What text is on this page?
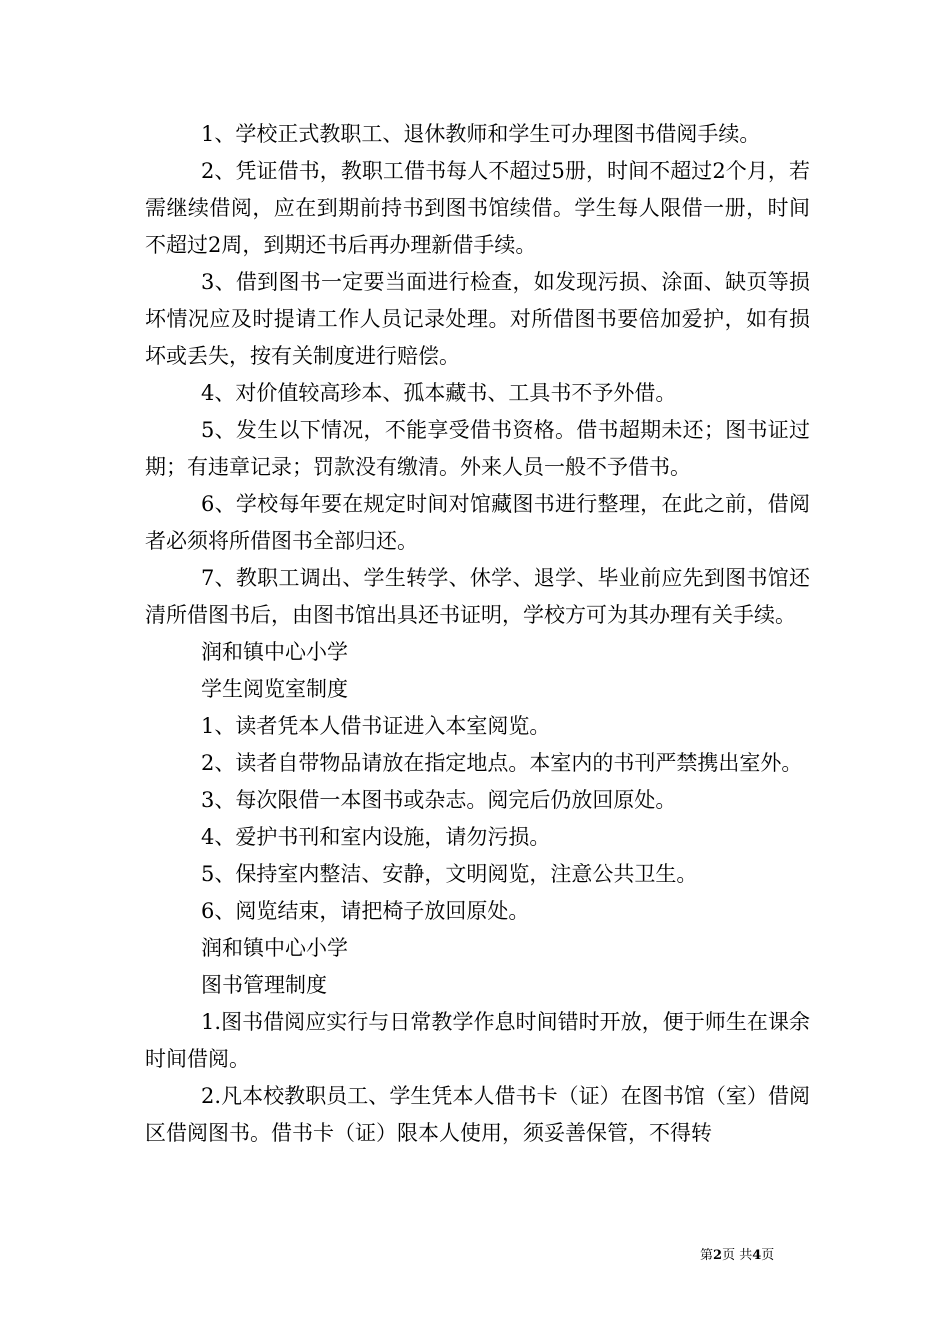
1、学校正式教职工、退休教师和学生可办理图书借阅手续。

2、凭证借书，教职工借书每人不超过5册，时间不超过2个月，若需继续借阅，应在到期前持书到图书馆续借。学生每人限借一册，时间不超过2周，到期还书后再办理新借手续。

3、借到图书一定要当面进行检查，如发现污损、涂面、缺页等损坏情况应及时提请工作人员记录处理。对所借图书要倍加爱护，如有损坏或丢失，按有关制度进行赔偿。

4、对价值较高珍本、孤本藏书、工具书不予外借。

5、发生以下情况，不能享受借书资格。借书超期未还；图书证过期；有违章记录；罚款没有缴清。外来人员一般不予借书。

6、学校每年要在规定时间对馆藏图书进行整理，在此之前，借阅者必须将所借图书全部归还。

7、教职工调出、学生转学、休学、退学、毕业前应先到图书馆还清所借图书后，由图书馆出具还书证明，学校方可为其办理有关手续。

润和镇中心小学

学生阅览室制度

1、读者凭本人借书证进入本室阅览。

2、读者自带物品请放在指定地点。本室内的书刊严禁携出室外。

3、每次限借一本图书或杂志。阅完后仍放回原处。

4、爱护书刊和室内设施，请勿污损。

5、保持室内整洁、安静，文明阅览，注意公共卫生。

6、阅览结束，请把椅子放回原处。

润和镇中心小学

图书管理制度

1.图书借阅应实行与日常教学作息时间错时开放，便于师生在课余时间借阅。

2.凡本校教职员工、学生凭本人借书卡（证）在图书馆（室）借阅区借阅图书。借书卡（证）限本人使用，须妥善保管，不得转

第2页 共4页
